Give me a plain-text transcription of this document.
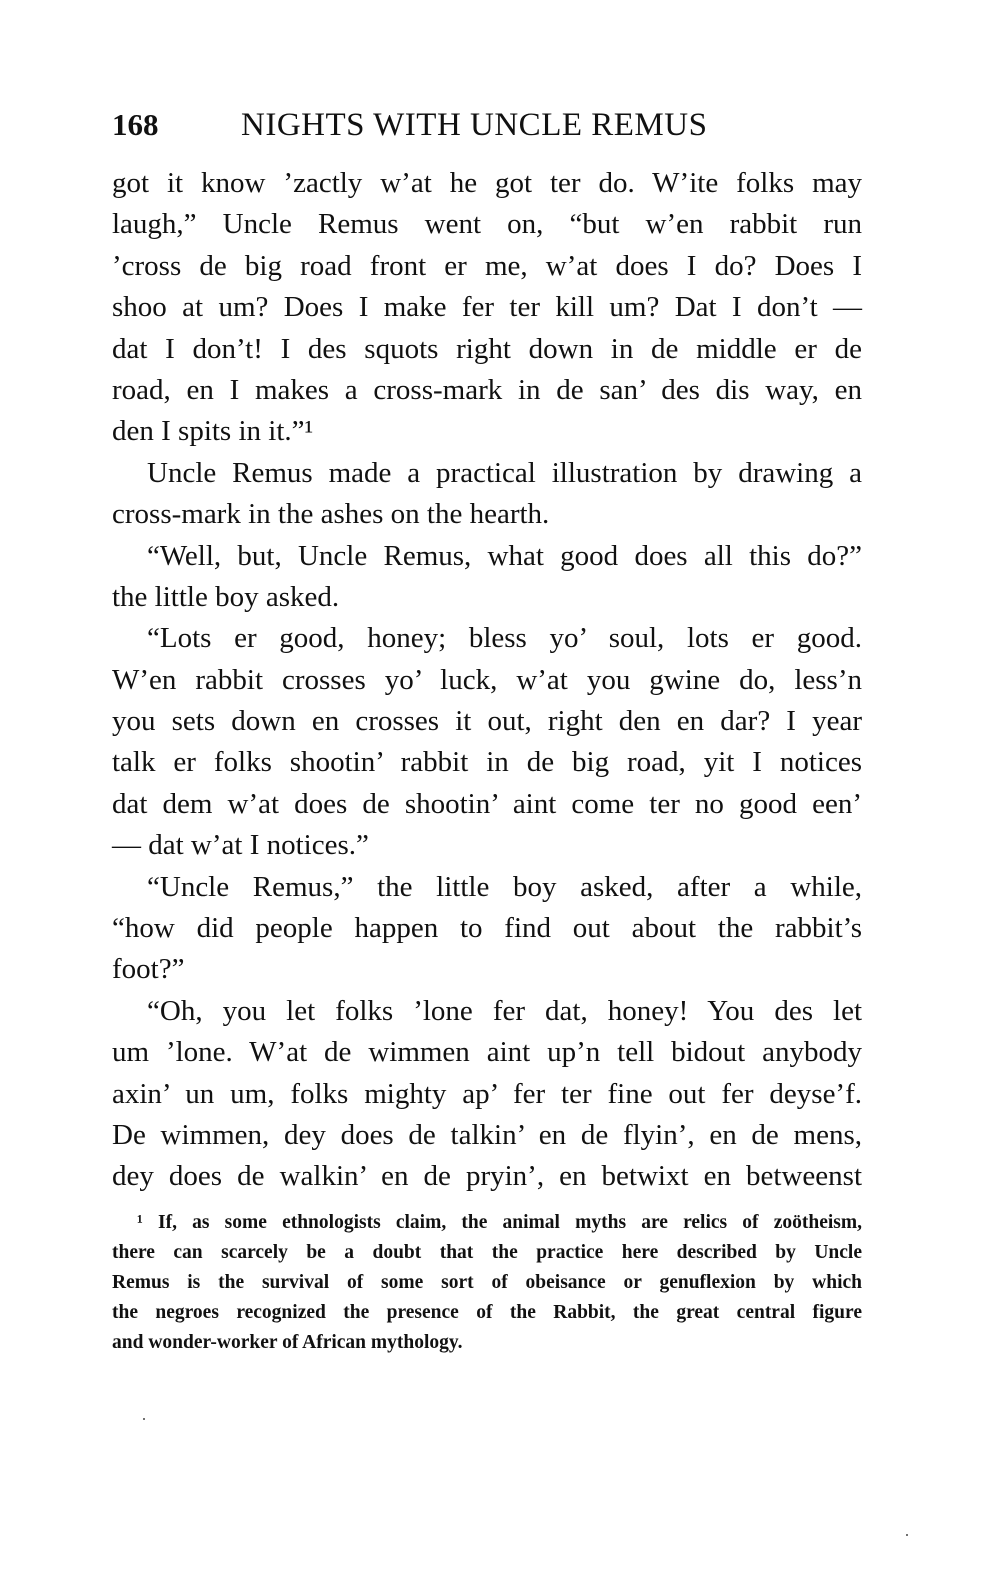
168	NIGHTS WITH UNCLE REMUS
got it know ’zactly w’at he got ter do. W’ite folks may
laugh,” Uncle Remus went on, “but w’en rabbit run
’cross de big road front er me, w’at does I do? Does I
shoo at um? Does I make fer ter kill um? Dat I don’t —
dat I don’t! I des squots right down in de middle er de
road, en I makes a cross-mark in de san’ des dis way, en
den I spits in it.”¹
Uncle Remus made a practical illustration by drawing a
cross-mark in the ashes on the hearth.
“Well, but, Uncle Remus, what good does all this do?”
the little boy asked.
“Lots er good, honey; bless yo’ soul, lots er good.
W’en rabbit crosses yo’ luck, w’at you gwine do, less’n
you sets down en crosses it out, right den en dar? I year
talk er folks shootin’ rabbit in de big road, yit I notices
dat dem w’at does de shootin’ aint come ter no good een’
— dat w’at I notices.”
“Uncle Remus,” the little boy asked, after a while,
“how did people happen to find out about the rabbit’s
foot?”
“Oh, you let folks ’lone fer dat, honey! You des let
um ’lone. W’at de wimmen aint up’n tell bidout anybody
axin’ un um, folks mighty ap’ fer ter fine out fer deyse’f.
De wimmen, dey does de talkin’ en de flyin’, en de mens,
dey does de walkin’ en de pryin’, en betwixt en betweenst
¹ If, as some ethnologists claim, the animal myths are relics of zoötheism,
there can scarcely be a doubt that the practice here described by Uncle
Remus is the survival of some sort of obeisance or genuflexion by which
the negroes recognized the presence of the Rabbit, the great central figure
and wonder-worker of African mythology.
